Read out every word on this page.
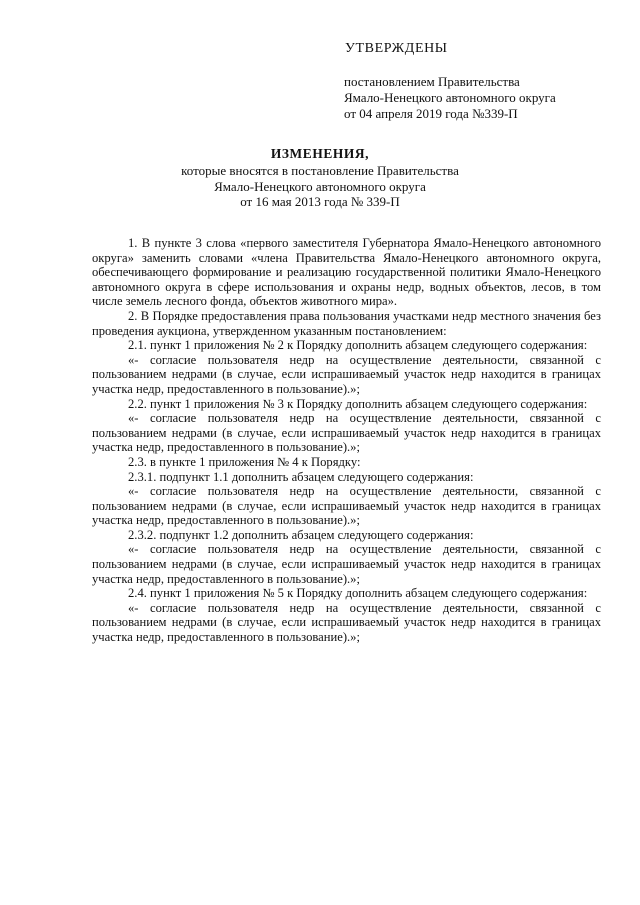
УТВЕРЖДЕНЫ
постановлением Правительства
Ямало-Ненецкого автономного округа
от 04 апреля 2019 года №339-П
ИЗМЕНЕНИЯ,
которые вносятся в постановление Правительства
Ямало-Ненецкого автономного округа
от 16 мая 2013 года № 339-П

1. В пункте 3 слова «первого заместителя Губернатора Ямало-Ненецкого автономного округа» заменить словами «члена Правительства Ямало-Ненецкого автономного округа, обеспечивающего формирование и реализацию государственной политики Ямало-Ненецкого автономного округа в сфере использования и охраны недр, водных объектов, лесов, в том числе земель лесного фонда, объектов животного мира».

2. В Порядке предоставления права пользования участками недр местного значения без проведения аукциона, утвержденном указанным постановлением:

2.1. пункт 1 приложения № 2 к Порядку дополнить абзацем следующего содержания:

«- согласие пользователя недр на осуществление деятельности, связанной с пользованием недрами (в случае, если испрашиваемый участок недр находится в границах участка недр, предоставленного в пользование).»;

2.2. пункт 1 приложения № 3 к Порядку дополнить абзацем следующего содержания:

«- согласие пользователя недр на осуществление деятельности, связанной с пользованием недрами (в случае, если испрашиваемый участок недр находится в границах участка недр, предоставленного в пользование).»;

2.3. в пункте 1 приложения № 4 к Порядку:

2.3.1. подпункт 1.1 дополнить абзацем следующего содержания:

«- согласие пользователя недр на осуществление деятельности, связанной с пользованием недрами (в случае, если испрашиваемый участок недр находится в границах участка недр, предоставленного в пользование).»;

2.3.2. подпункт 1.2 дополнить абзацем следующего содержания:

«- согласие пользователя недр на осуществление деятельности, связанной с пользованием недрами (в случае, если испрашиваемый участок недр находится в границах участка недр, предоставленного в пользование).»;

2.4. пункт 1 приложения № 5 к Порядку дополнить абзацем следующего содержания:

«- согласие пользователя недр на осуществление деятельности, связанной с пользованием недрами (в случае, если испрашиваемый участок недр находится в границах участка недр, предоставленного в пользование).»;
